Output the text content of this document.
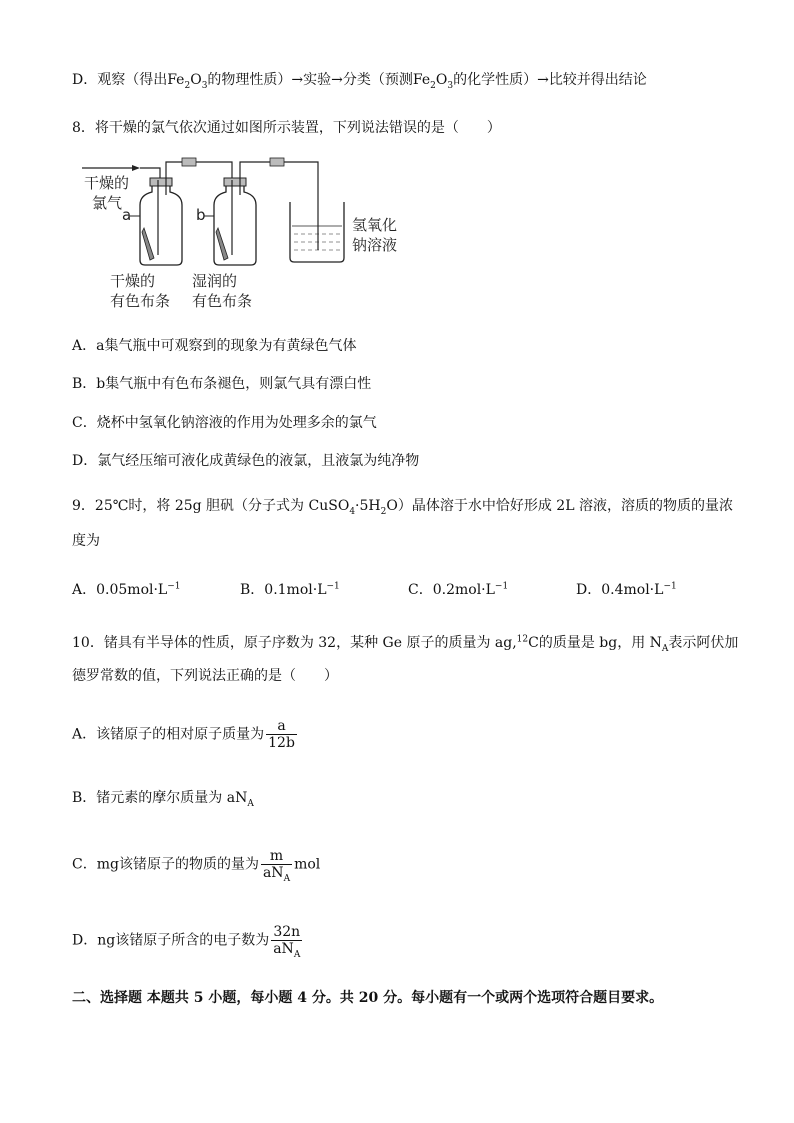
D．观察（得出$Fe_2O_3$的物理性质）→实验→分类（预测$Fe_2O_3$的化学性质）→比较并得出结论
8．将干燥的氯气依次通过如图所示装置，下列说法错误的是（　　）
干燥的
氯气
a	b
氢氧化
钠溶液
干燥的
有色布条
湿润的
有色布条
A．a集气瓶中可观察到的现象为有黄绿色气体
B．b集气瓶中有色布条褪色，则氯气具有漂白性
C．烧杯中氢氧化钠溶液的作用为处理多余的氯气
D．氯气经压缩可液化成黄绿色的液氯，且液氯为纯净物
9．25℃时，将 25g 胆矾（分子式为 $CuSO_4\cdot 5H_2O$）晶体溶于水中恰好形成 2L 溶液，溶质的物质的量浓
度为
A．$0.05mol\cdot L^{-1}$	B．$0.1mol\cdot L^{-1}$	C．$0.2mol\cdot L^{-1}$	D．$0.4mol\cdot L^{-1}$
10．锗具有半导体的性质，原子序数为 32，某种 Ge 原子的质量为 ag,$^{12}$C的质量是 bg，用 $N_A$表示阿伏加
德罗常数的值，下列说法正确的是（　　）
A．该锗原子的相对原子质量为 $\frac{a}{12b}$
B．锗元素的摩尔质量为 $aN_A$
C．mg该锗原子的物质的量为 $\frac{m}{aN_A}$ mol
D．ng该锗原子所含的电子数为 $\frac{32n}{aN_A}$
二、选择题 本题共 5 小题，每小题 4 分。共 20 分。每小题有一个或两个选项符合题目要求。
